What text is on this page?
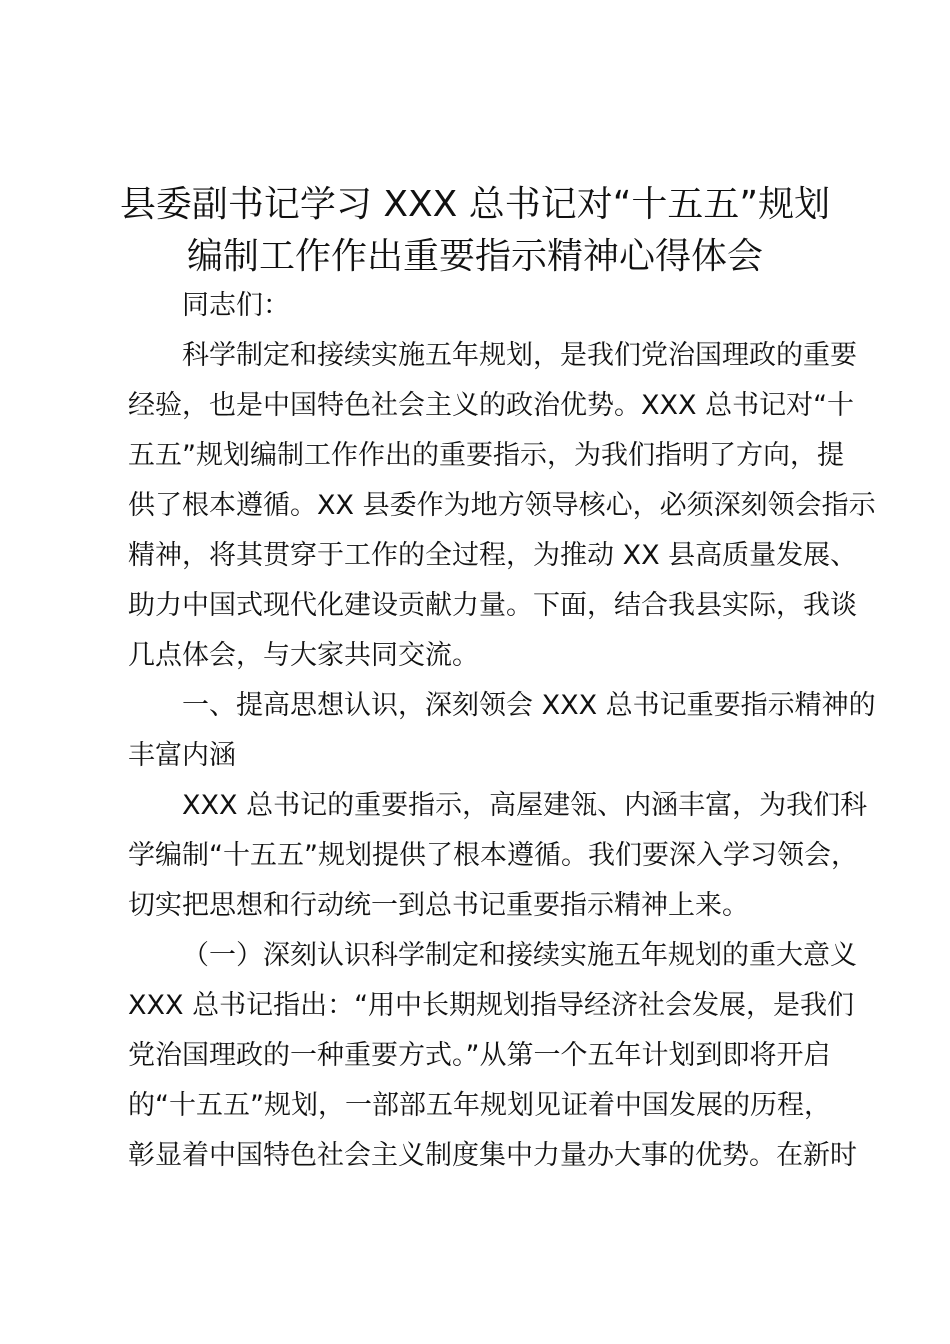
县委副书记学习 XXX 总书记对“十五五”规划
编制工作作出重要指示精神心得体会

同志们：

科学制定和接续实施五年规划，是我们党治国理政的重要

经验，也是中国特色社会主义的政治优势。XXX 总书记对“十

五五”规划编制工作作出的重要指示，为我们指明了方向，提

供了根本遵循。XX 县委作为地方领导核心，必须深刻领会指示

精神，将其贯穿于工作的全过程，为推动 XX 县高质量发展、

助力中国式现代化建设贡献力量。下面，结合我县实际，我谈

几点体会，与大家共同交流。

一、提高思想认识，深刻领会 XXX 总书记重要指示精神的

丰富内涵

XXX 总书记的重要指示，高屋建瓴、内涵丰富，为我们科

学编制“十五五”规划提供了根本遵循。我们要深入学习领会，

切实把思想和行动统一到总书记重要指示精神上来。

（一）深刻认识科学制定和接续实施五年规划的重大意义

XXX 总书记指出：“用中长期规划指导经济社会发展，是我们

党治国理政的一种重要方式。”从第一个五年计划到即将开启

的“十五五”规划，一部部五年规划见证着中国发展的历程，

彰显着中国特色社会主义制度集中力量办大事的优势。在新时
